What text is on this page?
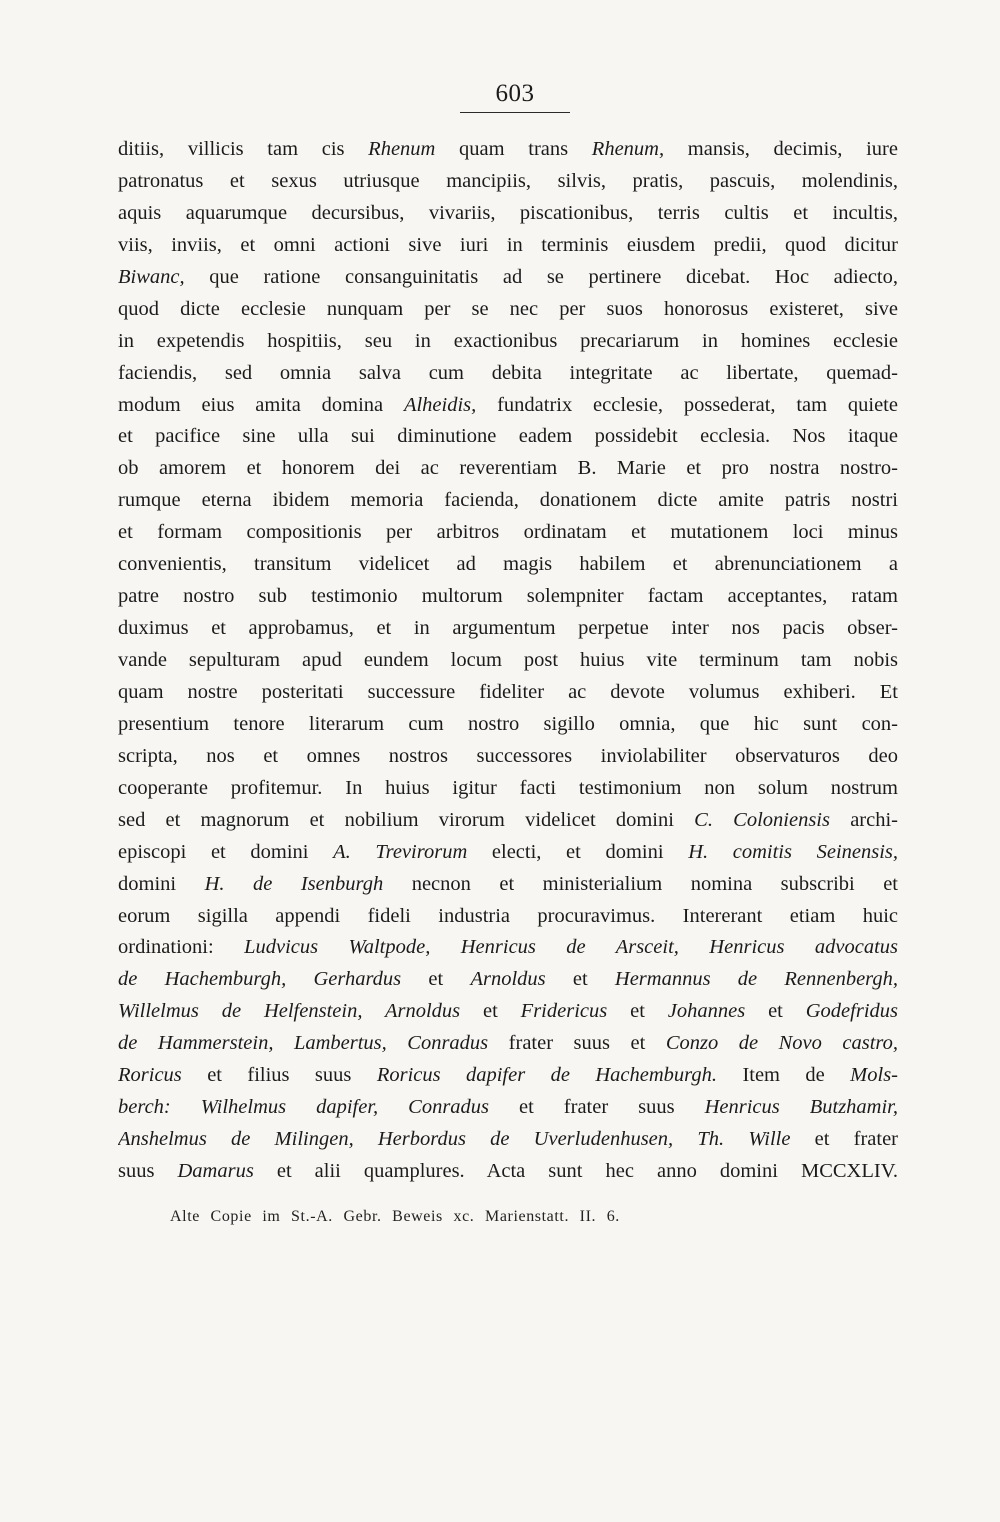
603
ditiis, villicis tam cis Rhenum quam trans Rhenum, mansis, decimis, iure
patronatus et sexus utriusque mancipiis, silvis, pratis, pascuis, molendinis,
aquis aquarumque decursibus, vivariis, piscationibus, terris cultis et incultis,
viis, inviis, et omni actioni sive iuri in terminis eiusdem predii, quod dicitur
Biwanc, que ratione consanguinitatis ad se pertinere dicebat. Hoc adiecto,
quod dicte ecclesie nunquam per se nec per suos honorosus existeret, sive
in expetendis hospitiis, seu in exactionibus precariarum in homines ecclesie
faciendis, sed omnia salva cum debita integritate ac libertate, quemad-
modum eius amita domina Alheidis, fundatrix ecclesie, possederat, tam quiete
et pacifice sine ulla sui diminutione eadem possidebit ecclesia. Nos itaque
ob amorem et honorem dei ac reverentiam B. Marie et pro nostra nostro-
rumque eterna ibidem memoria facienda, donationem dicte amite patris nostri
et formam compositionis per arbitros ordinatam et mutationem loci minus
convenientis, transitum videlicet ad magis habilem et abrenunciationem a
patre nostro sub testimonio multorum solempniter factam acceptantes, ratam
duximus et approbamus, et in argumentum perpetue inter nos pacis obser-
vande sepulturam apud eundem locum post huius vite terminum tam nobis
quam nostre posteritati successure fideliter ac devote volumus exhiberi. Et
presentium tenore literarum cum nostro sigillo omnia, que hic sunt con-
scripta, nos et omnes nostros successores inviolabiliter observaturos deo
cooperante profitemur. In huius igitur facti testimonium non solum nostrum
sed et magnorum et nobilium virorum videlicet domini C. Coloniensis archi-
episcopi et domini A. Trevirorum electi, et domini H. comitis Seinensis,
domini H. de Isenburgh necnon et ministerialium nomina subscribi et
eorum sigilla appendi fideli industria procuravimus. Intererant etiam huic
ordinationi: Ludvicus Waltpode, Henricus de Arsceit, Henricus advocatus
de Hachemburgh, Gerhardus et Arnoldus et Hermannus de Rennenbergh,
Willelmus de Helfenstein, Arnoldus et Fridericus et Johannes et Godefridus
de Hammerstein, Lambertus, Conradus frater suus et Conzo de Novo castro,
Roricus et filius suus Roricus dapifer de Hachemburgh. Item de Mols-
berch: Wilhelmus dapifer, Conradus et frater suus Henricus Butzhamir,
Anshelmus de Milingen, Herbordus de Uverludenhusen, Th. Wille et frater
suus Damarus et alii quamplures. Acta sunt hec anno domini MCCXLIV.
Alte Copie im St.-A. Gebr. Beweis xc. Marienstatt. II. 6.
